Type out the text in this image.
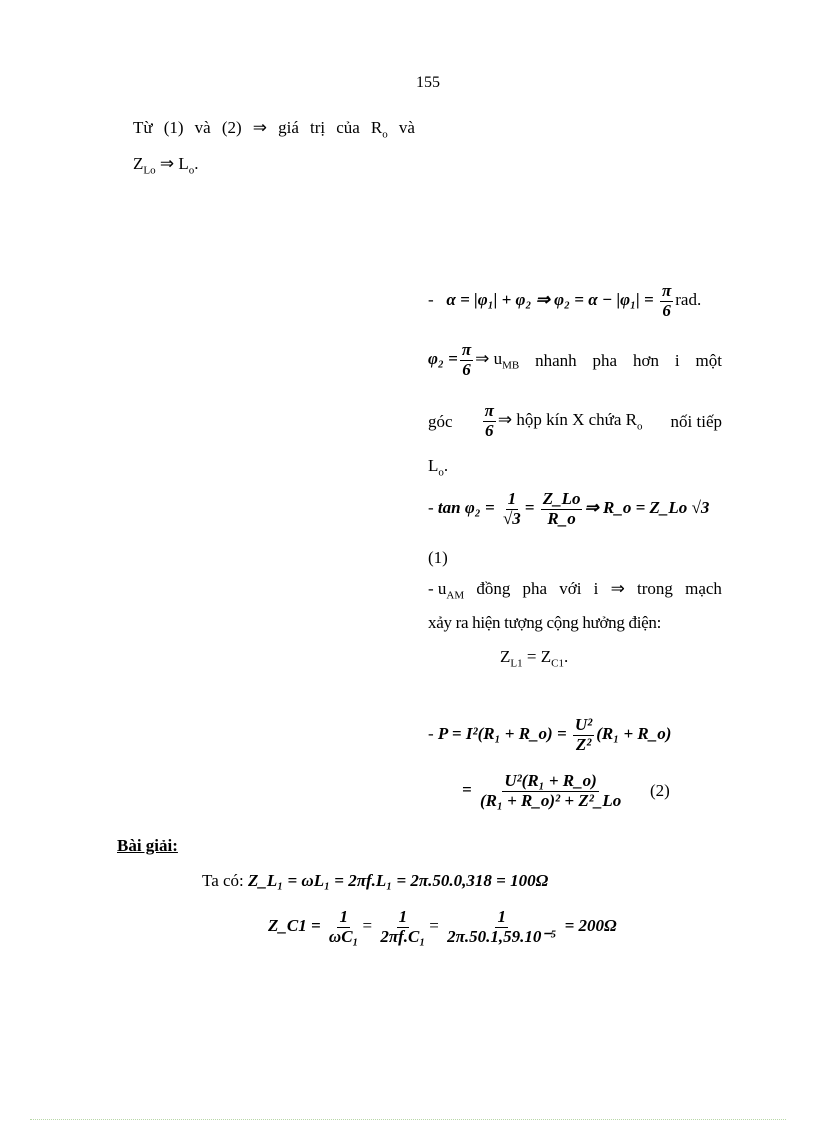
155
Từ (1) và (2) ⇒ giá trị của $R_o$ và
$Z_{Lo}$ ⇒ $L_o$.
- α = |φ₁| + φ₂ ⇒ $\varphi_2 = \alpha - |\varphi_1| = \frac{\pi}{6}$ rad.
$\varphi_2 = \frac{\pi}{6}$ ⇒ $u_{MB}$ nhanh pha hơn i một
góc $\frac{\pi}{6}$ ⇒ hộp kín X chứa $R_o$ nối tiếp
$L_o$.
- $\tan \varphi_2 = \frac{1}{√3} = \frac{Z\_Lo}{R\_o}$ ⇒ R_o = Z_Lo √3
(1)
- $u_{AM}$ đồng pha với i ⇒ trong mạch
xảy ra hiện tượng cộng hưởng điện:
$Z_{L1} = Z_{C1}$.
- P = I²(R₁ + R_o) = $\frac{\text{U²}}{\text{Z²}} (R_1$ + R_o)
= $\frac{\text{U²(R₁ + R\_o)}}{\text{(R₁ + R\_o)² + Z²\_Lo}} (2)$
Bài giải:
Ta có: Z_L₁ = ωL₁ = 2πf.L₁ = 2π.50.0,318 = 100Ω
Z_C1 = $\frac{1}{\text{ωC₁}} = \frac{1}{\text{2πf.C₁}} = \frac{1}{\text{2π.50.1,59.10⁻⁵}} = 200\Omega$
